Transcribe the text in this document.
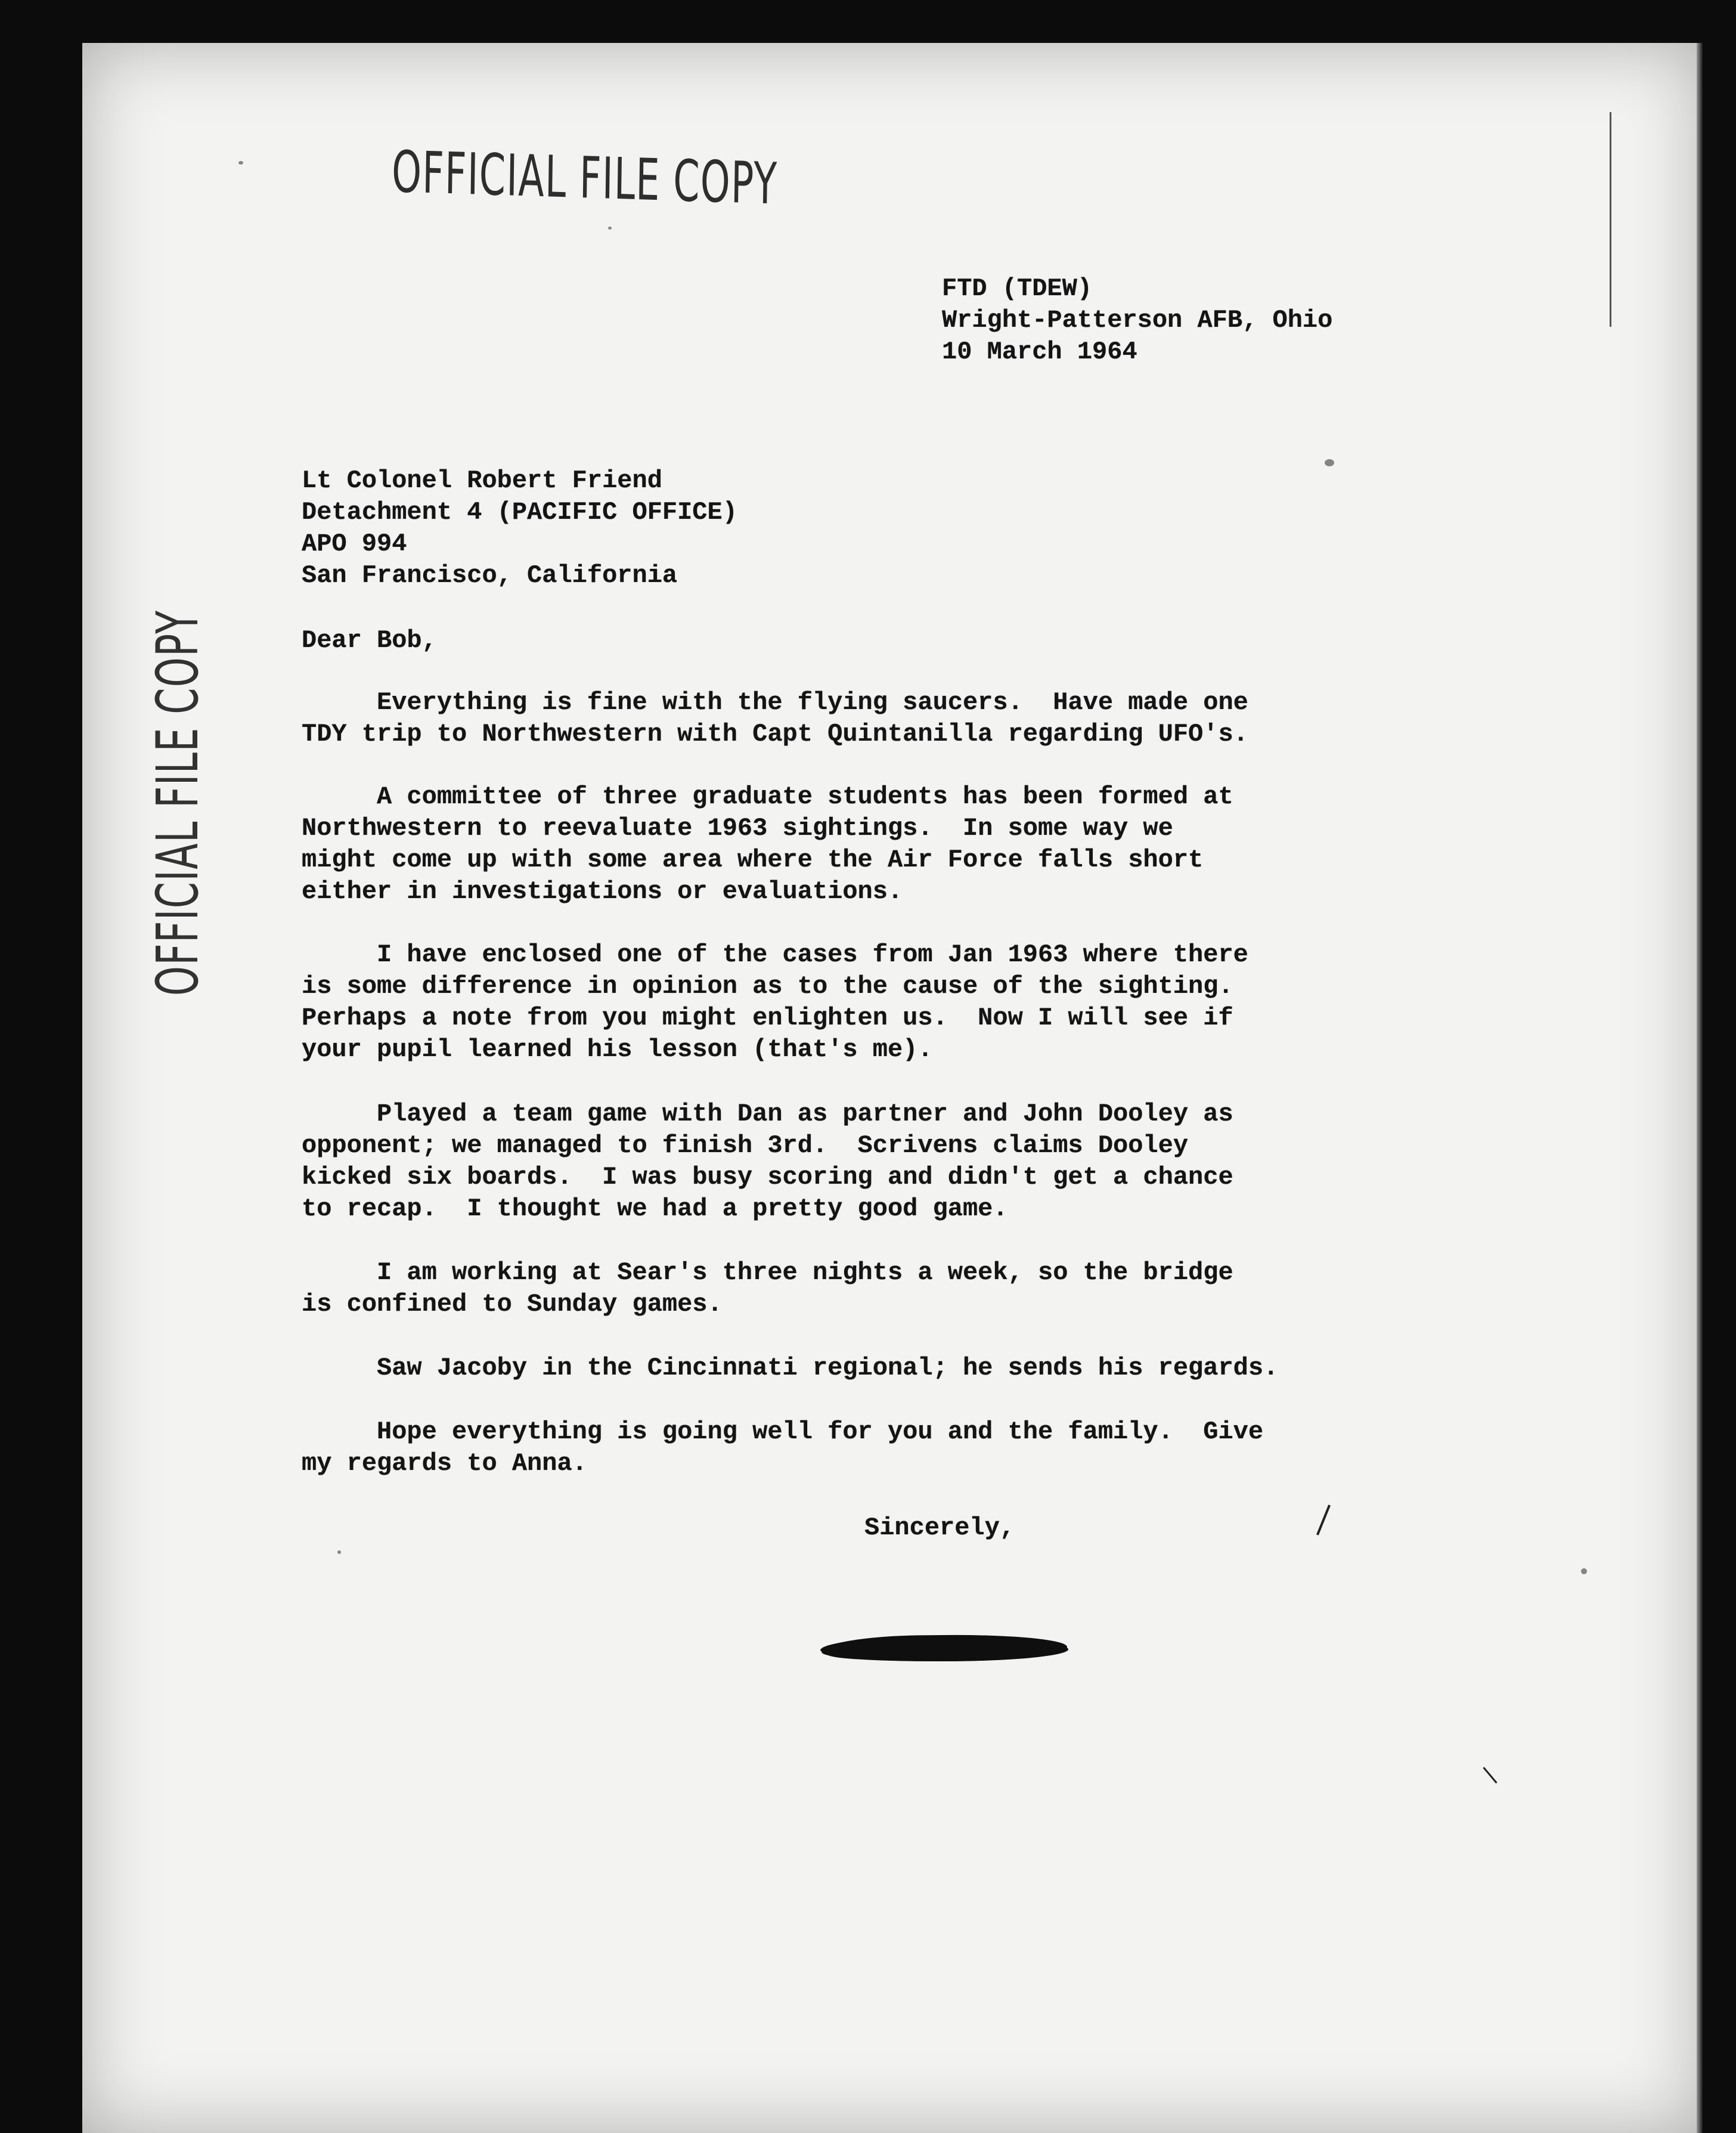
OFFICIAL FILE COPY
OFFICIAL FILE COPY
FTD (TDEW)
Wright-Patterson AFB, Ohio
10 March 1964
Lt Colonel Robert Friend
Detachment 4 (PACIFIC OFFICE)
APO 994
San Francisco, California
Dear Bob,
Everything is fine with the flying saucers.  Have made one
TDY trip to Northwestern with Capt Quintanilla regarding UFO's.
A committee of three graduate students has been formed at
Northwestern to reevaluate 1963 sightings.  In some way we
might come up with some area where the Air Force falls short
either in investigations or evaluations.
I have enclosed one of the cases from Jan 1963 where there
is some difference in opinion as to the cause of the sighting.
Perhaps a note from you might enlighten us.  Now I will see if
your pupil learned his lesson (that's me).
Played a team game with Dan as partner and John Dooley as
opponent; we managed to finish 3rd.  Scrivens claims Dooley
kicked six boards.  I was busy scoring and didn't get a chance
to recap.  I thought we had a pretty good game.
I am working at Sear's three nights a week, so the bridge
is confined to Sunday games.
Saw Jacoby in the Cincinnati regional; he sends his regards.
Hope everything is going well for you and the family.  Give
my regards to Anna.
Sincerely,
